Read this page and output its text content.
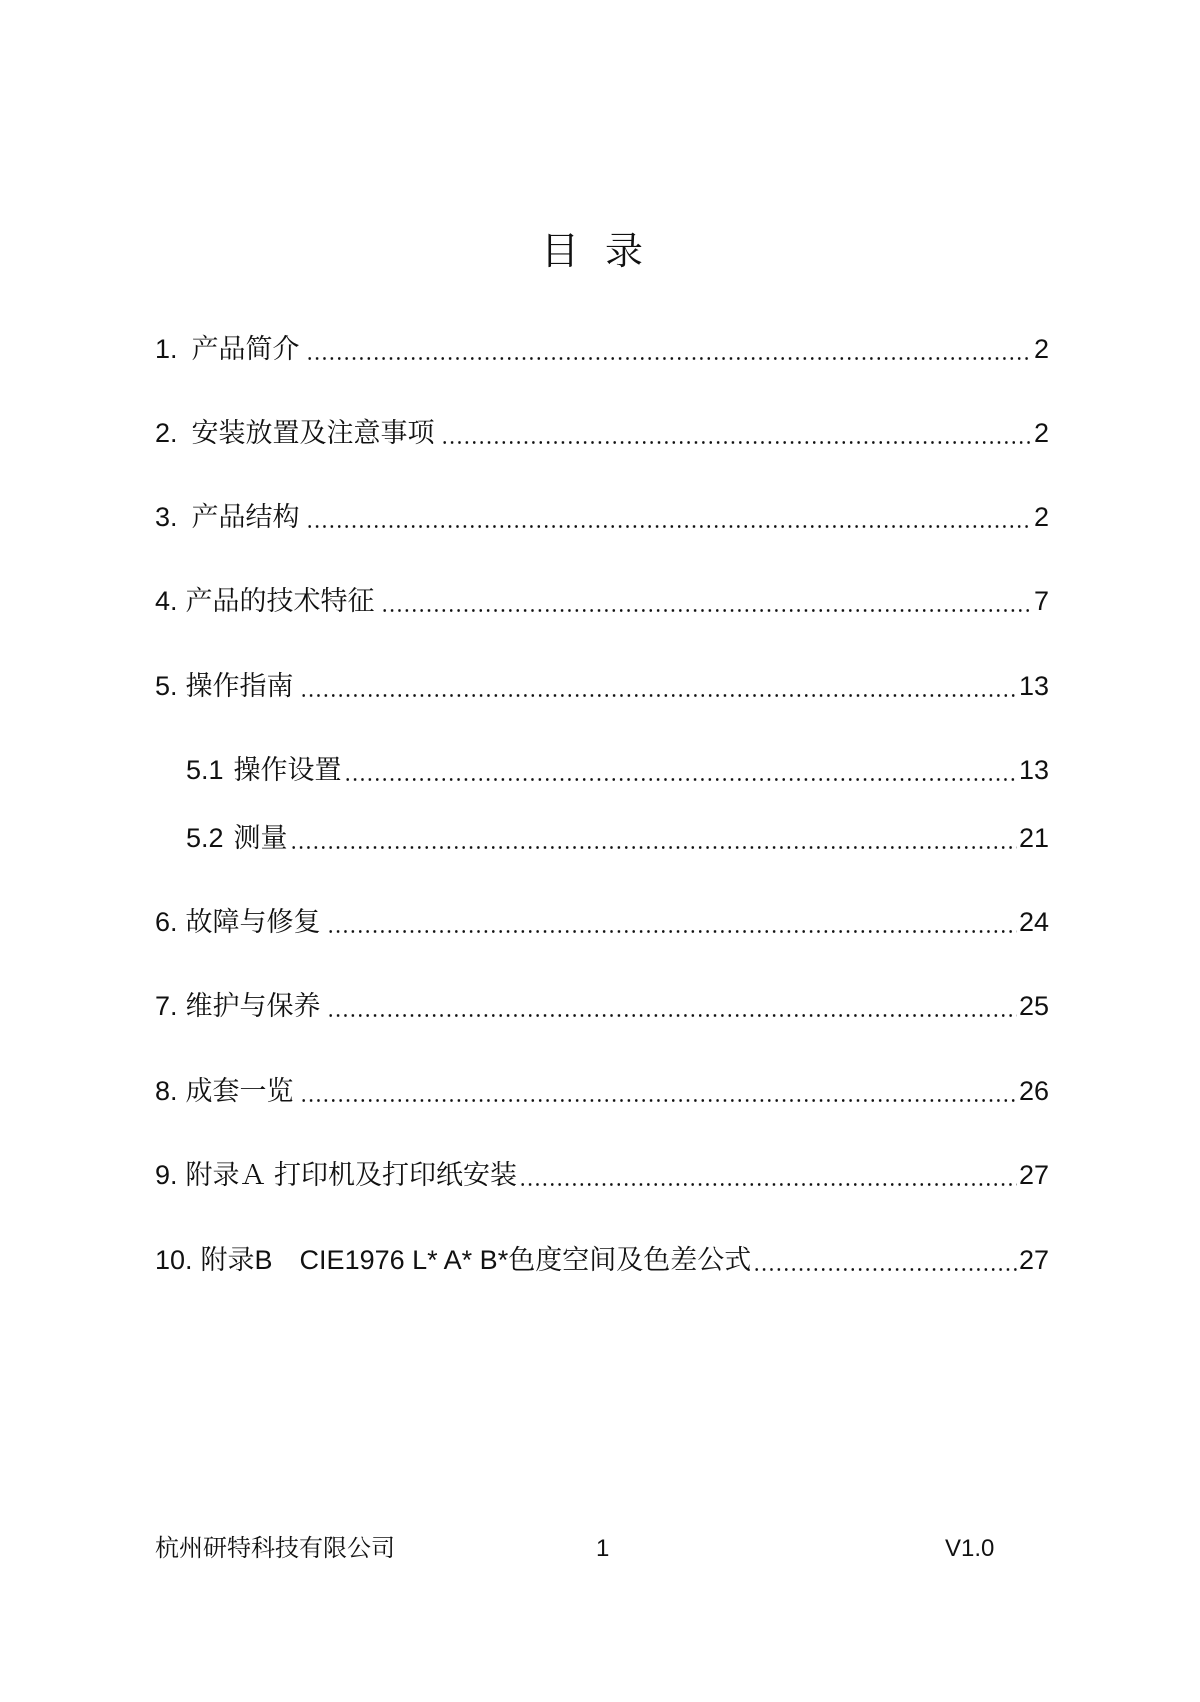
目录
1. 产品简介	2
2. 安装放置及注意事项	2
3. 产品结构	2
4. 产品的技术特征	7
5. 操作指南	13
5.1 操作设置	13
5.2 测量	21
6. 故障与修复	24
7. 维护与保养	25
8. 成套一览	26
9. 附录Ａ 打印机及打印纸安装	27
10. 附录B　CIE1976 L* A* B*色度空间及色差公式	27
杭州研特科技有限公司	1	V1.0
